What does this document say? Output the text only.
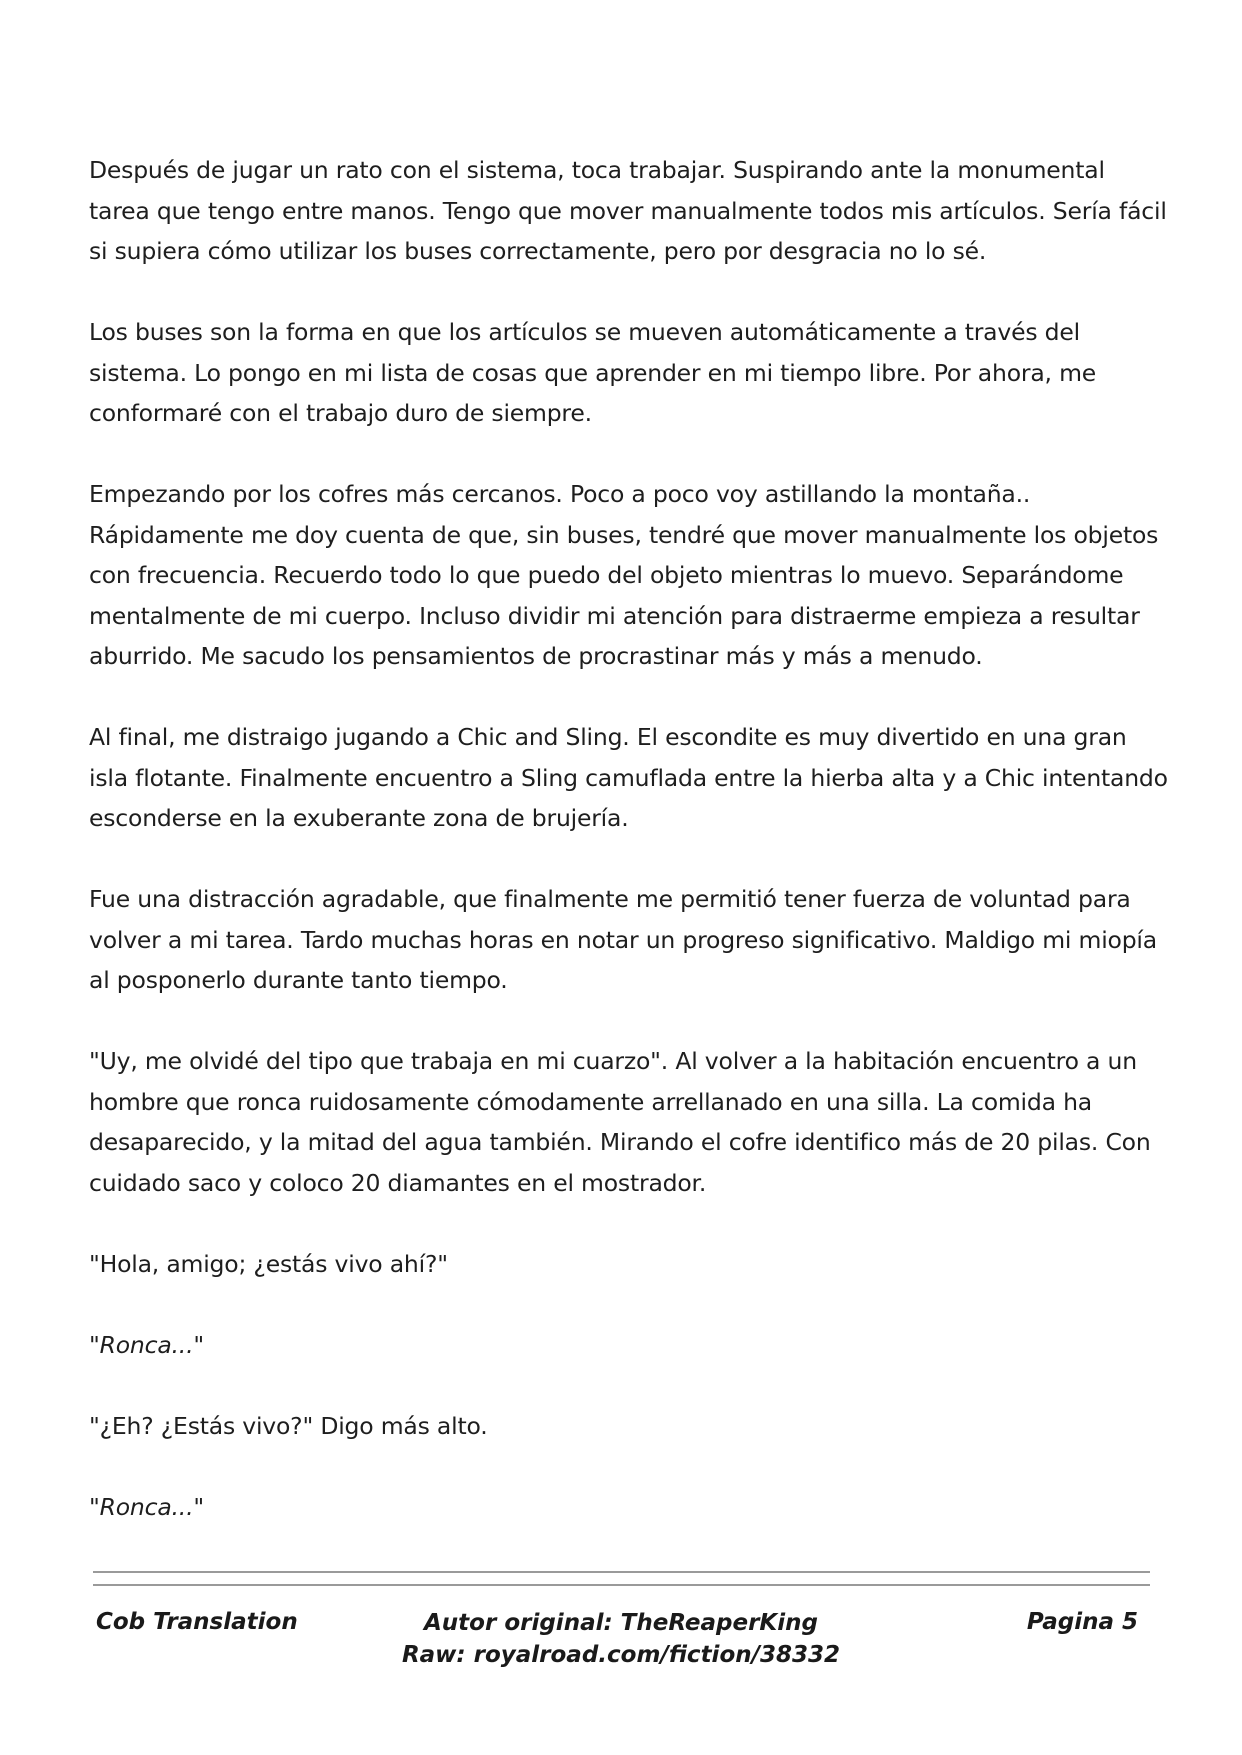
Después de jugar un rato con el sistema, toca trabajar. Suspirando ante la monumental tarea que tengo entre manos. Tengo que mover manualmente todos mis artículos. Sería fácil si supiera cómo utilizar los buses correctamente, pero por desgracia no lo sé.

Los buses son la forma en que los artículos se mueven automáticamente a través del sistema. Lo pongo en mi lista de cosas que aprender en mi tiempo libre. Por ahora, me conformaré con el trabajo duro de siempre.

Empezando por los cofres más cercanos. Poco a poco voy astillando la montaña.. Rápidamente me doy cuenta de que, sin buses, tendré que mover manualmente los objetos con frecuencia. Recuerdo todo lo que puedo del objeto mientras lo muevo. Separándome mentalmente de mi cuerpo. Incluso dividir mi atención para distraerme empieza a resultar aburrido. Me sacudo los pensamientos de procrastinar más y más a menudo.

Al final, me distraigo jugando a Chic and Sling. El escondite es muy divertido en una gran isla flotante. Finalmente encuentro a Sling camuflada entre la hierba alta y a Chic intentando esconderse en la exuberante zona de brujería.

Fue una distracción agradable, que finalmente me permitió tener fuerza de voluntad para volver a mi tarea. Tardo muchas horas en notar un progreso significativo. Maldigo mi miopía al posponerlo durante tanto tiempo.

"Uy, me olvidé del tipo que trabaja en mi cuarzo". Al volver a la habitación encuentro a un hombre que ronca ruidosamente cómodamente arrellanado en una silla. La comida ha desaparecido, y la mitad del agua también. Mirando el cofre identifico más de 20 pilas. Con cuidado saco y coloco 20 diamantes en el mostrador.

"Hola, amigo; ¿estás vivo ahí?"

"Ronca..."

"¿Eh? ¿Estás vivo?" Digo más alto.

"Ronca..."

Cob Translation	Autor original: TheReaperKing
Raw: royalroad.com/fiction/38332
Pagina 5
